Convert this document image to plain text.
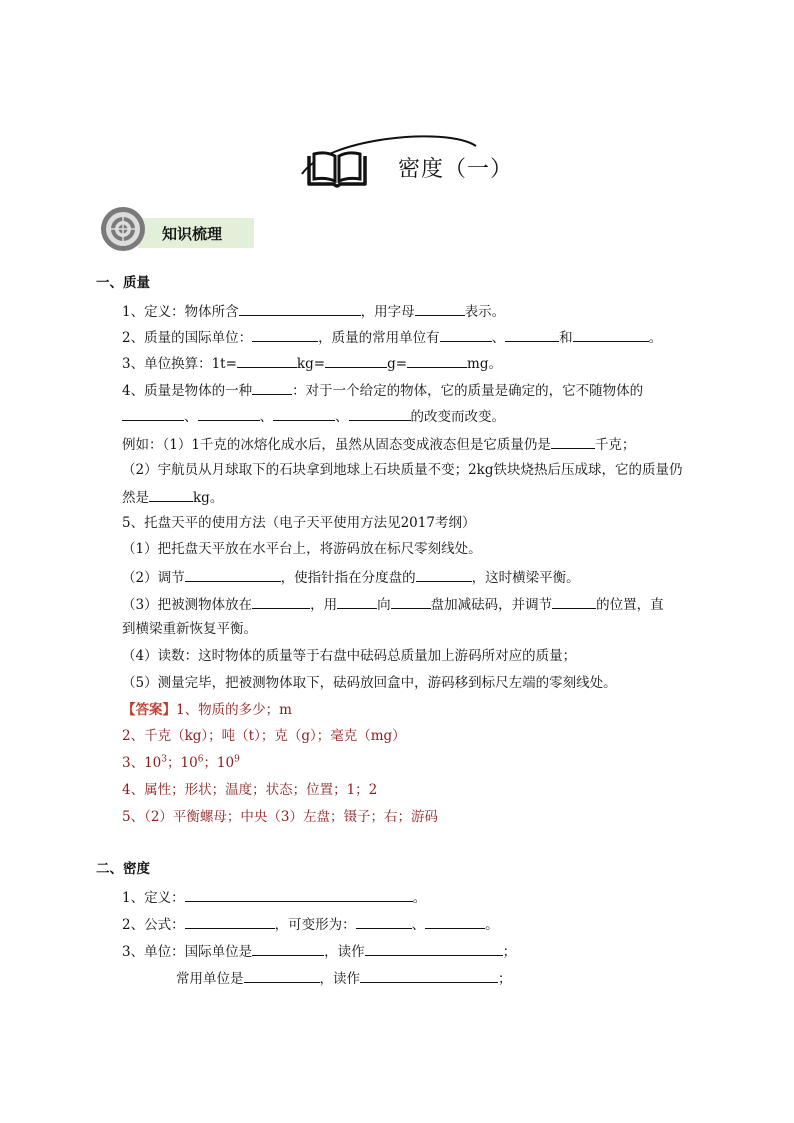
密度（一）
知识梳理
一、质量
1、定义：物体所含	，用字母	表示。
2、质量的国际单位：	，质量的常用单位有	、	和	。
3、单位换算：1t=	kg=	g=	mg。
4、质量是物体的一种	：对于一个给定的物体，它的质量是确定的，它不随物体的
、	、	、	的改变而改变。
例如：（1）1千克的冰熔化成水后，虽然从固态变成液态但是它质量仍是	千克；
（2）宇航员从月球取下的石块拿到地球上石块质量不变；2kg铁块烧热后压成球，它的质量仍
然是	kg。
5、托盘天平的使用方法（电子天平使用方法见2017考纲）
（1）把托盘天平放在水平台上，将游码放在标尺零刻线处。
（2）调节	，使指针指在分度盘的	，这时横梁平衡。
（3）把被测物体放在	，用	向	盘加减砝码，并调节	的位置，直
到横梁重新恢复平衡。
（4）读数：这时物体的质量等于右盘中砝码总质量加上游码所对应的质量；
（5）测量完毕，把被测物体取下，砝码放回盒中，游码移到标尺左端的零刻线处。
【答案】1、物质的多少；m
2、千克（kg）；吨（t）；克（g）；毫克（mg）
3、$10^3$；$10^6$；$10^9$
4、属性；形状；温度；状态；位置；1；2
5、（2）平衡螺母；中央（3）左盘；镊子；右；游码
二、密度
1、定义：	。
2、公式：	，可变形为：	、	。
3、单位：国际单位是	，读作	；
常用单位是	，读作	；
